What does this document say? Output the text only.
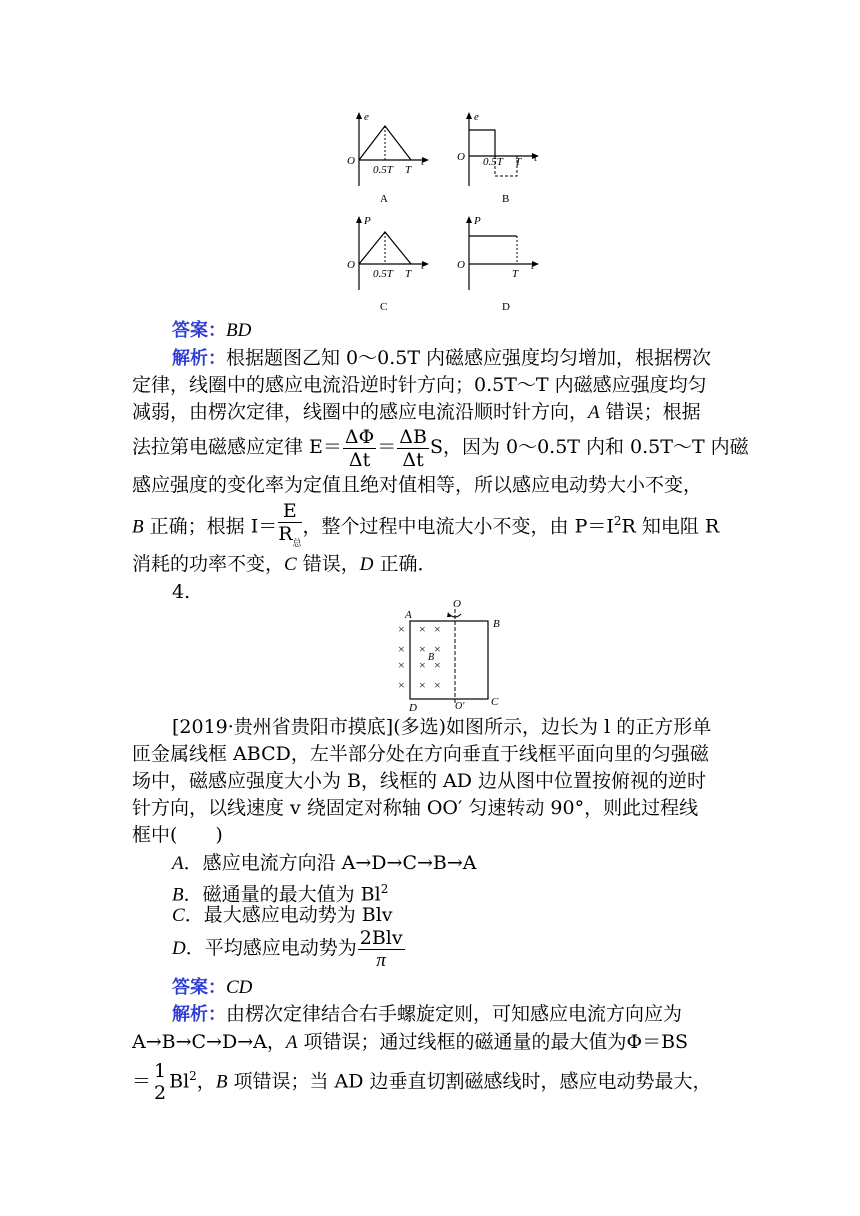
e
O
0.5T T
t
A
e
O 0.5T T t
B
P
O
0.5T T
t
C
P
O
T
t
D
答案：BD
解析：根据题图乙知 0～0.5T 内磁感应强度均匀增加，根据楞次
定律，线圈中的感应电流沿逆时针方向；0.5T～T 内磁感应强度均匀
减弱，由楞次定律，线圈中的感应电流沿顺时针方向，A 错误；根据
法拉第电磁感应定律 $E= \frac{\Delta\Phi}{\Delta t} = \frac{\Delta B}{\Delta t}$ S，因为 0～0.5T 内和 0.5T～T 内磁
感应强度的变化率为定值且绝对值相等，所以感应电动势大小不变，
B 正确；根据 $I= \frac{E}{R_总}$ ，整个过程中电流大小不变，由 $P=I^2R$ 知电阻 R
消耗的功率不变，C 错误，D 正确．
4.
× × ×
× × ×
× × ×
× × ×
A
O
B
B
D	O′ C
[2019·贵州省贵阳市摸底](多选)如图所示，边长为 l 的正方形单
匝金属线框 ABCD，左半部分处在方向垂直于线框平面向里的匀强磁
场中，磁感应强度大小为 B，线框的 AD 边从图中位置按俯视的逆时
针方向，以线速度 v 绕固定对称轴 OO′ 匀速转动 90°，则此过程线
框中(　　)
A．感应电流方向沿 A→D→C→B→A
B．磁通量的最大值为 Bl$^2$
C．最大感应电动势为 Blv
D．平均感应电动势为 $\frac{\text{2Blv}}{\pi}$
答案：CD
解析：由楞次定律结合右手螺旋定则，可知感应电流方向应为
A→B→C→D→A，A 项错误；通过线框的磁通量的最大值为Φ＝BS
＝ 1
2
Bl$^2$，B 项错误；当 AD 边垂直切割磁感线时，感应电动势最大，
